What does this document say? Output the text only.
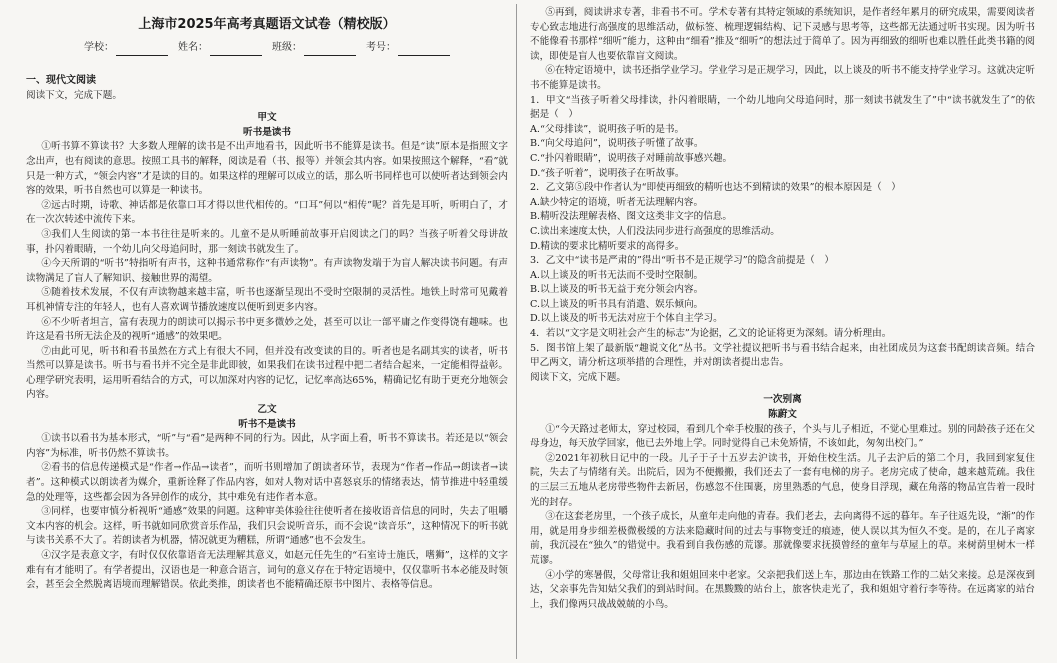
上海市2025年高考真题语文试卷（精校版）
学校：	姓名：	班级：	考号：
一、现代文阅读

阅读下文，完成下题。

甲文
听书是读书

①听书算不算读书？大多数人理解的读书是不出声地看书，因此听书不能算是读书。但是“读”原本是指照文字念出声，也有阅读的意思。按照工具书的解释，阅读是看（书、报等）并领会其内容。如果按照这个解释，“看”就只是一种方式，“领会内容”才是读的目的。如果这样的理解可以成立的话，那么听书同样也可以使听者达到领会内容的效果，听书自然也可以算是一种读书。

②远古时期，诗歌、神话都是依靠口耳才得以世代相传的。“口耳”何以“相传”呢？首先是耳听，听明白了，才在一次次转述中流传下来。

③我们人生阅读的第一本书往往是听来的。儿童不是从听睡前故事开启阅读之门的吗？当孩子听着父母讲故事，扑闪着眼睛，一个幼儿向父母追问时，那一刻读书就发生了。

④今天所谓的“听书”特指听有声书，这种书通常称作“有声读物”。有声读物发端于为盲人解决读书问题。有声读物满足了盲人了解知识、接触世界的渴望。

⑤随着技术发展，不仅有声读物越来越丰富，听书也逐渐呈现出不受时空限制的灵活性。地铁上时常可见戴着耳机神情专注的年轻人，也有人喜欢调节播放速度以便听到更多内容。

⑥不少听者坦言，富有表现力的朗读可以揭示书中更多微妙之处，甚至可以让一部平庸之作变得饶有趣味。也许这是看书所无法企及的视听“通感”的效果吧。

⑦由此可见，听书和看书虽然在方式上有很大不同，但并没有改变读的目的。听者也是名副其实的读者，听书当然可以算是读书。听书与看书并不完全是非此即彼，如果我们在读书过程中把二者结合起来，一定能相得益彰。心理学研究表明，运用听看结合的方式，可以加深对内容的记忆，记忆率高达65%，精确记忆有助于更充分地领会内容。

乙文
听书不是读书

①读书以看书为基本形式，“听”与“看”是两种不同的行为。因此，从字面上看，听书不算读书。若还是以“领会内容”为标准，听书仍然不算读书。

②看书的信息传递模式是“作者→作品→读者”，而听书则增加了朗读者环节，表现为“作者→作品→朗读者→读者”。这种模式以朗读者为媒介，重新诠释了作品内容，如对人物对话中喜怒哀乐的情绪表达，情节推进中轻重缓急的处理等，这些都会因为各异创作的成分，其中难免有违作者本意。

③同样，也要审慎分析视听“通感”效果的问题。这种审美体验往往使听者在接收语音信息的同时，失去了咀嚼文本内容的机会。这样，听书就如同欣赏音乐作品，我们只会说听音乐，而不会说“读音乐”，这种情况下的听书就与读书关系不大了。若朗读者为机器，情况就更为糟糕，所谓“通感”也不会发生。

④汉字是表意文字，有时仅仅依靠语音无法理解其意义，如赵元任先生的“石室诗士施氏，嗜狮”，这样的文字难有有才能明了。有学者提出，汉语也是一种意合语言，词句的意义存在于特定语境中，仅仅靠听书本必能及时领会，甚至会全然脱离语境而理解错误。依此类推，朗读者也不能精确还原书中图片、表格等信息。

⑤再到，阅读讲求专著，非看书不可。学术专著有其特定领域的系统知识，是作者经年累月的研究成果，需要阅读者专心致志地进行高强度的思维活动，做标签、梳理逻辑结构、记下灵感与思考等，这些都无法通过听书实现。因为听书不能像看书那样“细听”能力，这种由“细看”推及“细听”的想法过于简单了。因为再细致的细听也难以胜任此类书籍的阅读，即使是盲人也要依靠盲文阅读。

⑥在特定语境中，读书还指学业学习。学业学习是正规学习，因此，以上谈及的听书不能支持学业学习。这就决定听书不能算是读书。

1．甲文“当孩子听着父母排读，扑闪着眼睛，一个幼儿地向父母追问时，那一刻读书就发生了”中“读书就发生了”的依据是（　）

A.“父母排读”，说明孩子听的是书。

B.“向父母追问”，说明孩子听懂了故事。

C.“扑闪着眼睛”，说明孩子对睡前故事感兴趣。

D.“孩子听着”，说明孩子在听故事。

2．乙文第⑤段中作者认为“即使再细致的精听也达不到精读的效果”的根本原因是（　）

A.缺少特定的语境，听者无法理解内容。

B.精听没法理解表格、图文这类非文字的信息。

C.读出来速度太快，人们没法同步进行高强度的思维活动。

D.精读的要求比精听要求的高得多。

3．乙文中“读书是严肃的”得出“听书不是正规学习”的隐含前提是（　）

A.以上谈及的听书无法而不受时空限制。

B.以上谈及的听书无益于充分领会内容。

C.以上谈及的听书具有消遣、娱乐倾向。

D.以上谈及的听书无法对应于个体自主学习。

4．若以“文字是文明社会产生的标志”为论据，乙文的论证将更为深刻。请分析理由。

5．图书馆上架了最新版“趣说文化”丛书。文学社提议把听书与看书结合起来，由社团成员为这套书配朗读音频。结合甲乙两文，请分析这项举措的合理性，并对朗读者提出忠告。

阅读下文，完成下题。

一次别离
陈蔚文

①“今天路过老师太，穿过校园，看到几个牵手校服的孩子，个头与儿子相近，不觉心里难过。别的同龄孩子还在父母身边，每天放学回家，他已去外地上学。同时觉得自己未免矫情，不该如此，匆匆出校门。”

②2021年初秋日记中的一段。儿子于子十五岁去沪读书，开始住校生活。儿子去沪后的第二个月，我回到家复住院，失去了与情绪有关。出院后，因为不便搬搬，我们还去了一套有电梯的房子。老房完成了使命，越来越荒疏。我住的三层三五地从老房带些物件去新居，伤感忽不住围裹，房里熟悉的气息，使身目浮现，藏在角落的物品宣告着一段时光的封存。

③在这套老房里，一个孩子成长，从童年走向他的青春。我们老去，去向离得不远的暮年。车子往返先设，“渐”的作用，就是用身步细差极微极缓的方法来隐藏时间的过去与事物变迁的痕迹，使人误以其为恒久不变。是的，在儿子离家前，我沉浸在“独久”的错觉中。我看到自我伤感的荒谬。那就像要求抚摸曾经的童年与草屋上的草。来树荫里树木一样荒谬。

④小学的寒暑假，父母常让我和姐姐回来中老家。父亲把我们送上车，那边由在铁路工作的二姑父来接。总是深夜到达，父亲事先告知姑父我们的到站时间。在黑黢黢的站台上，旅客快走光了，我和姐姐守着行李等待。在远离家的站台上，我们像两只战战兢兢的小鸟。
